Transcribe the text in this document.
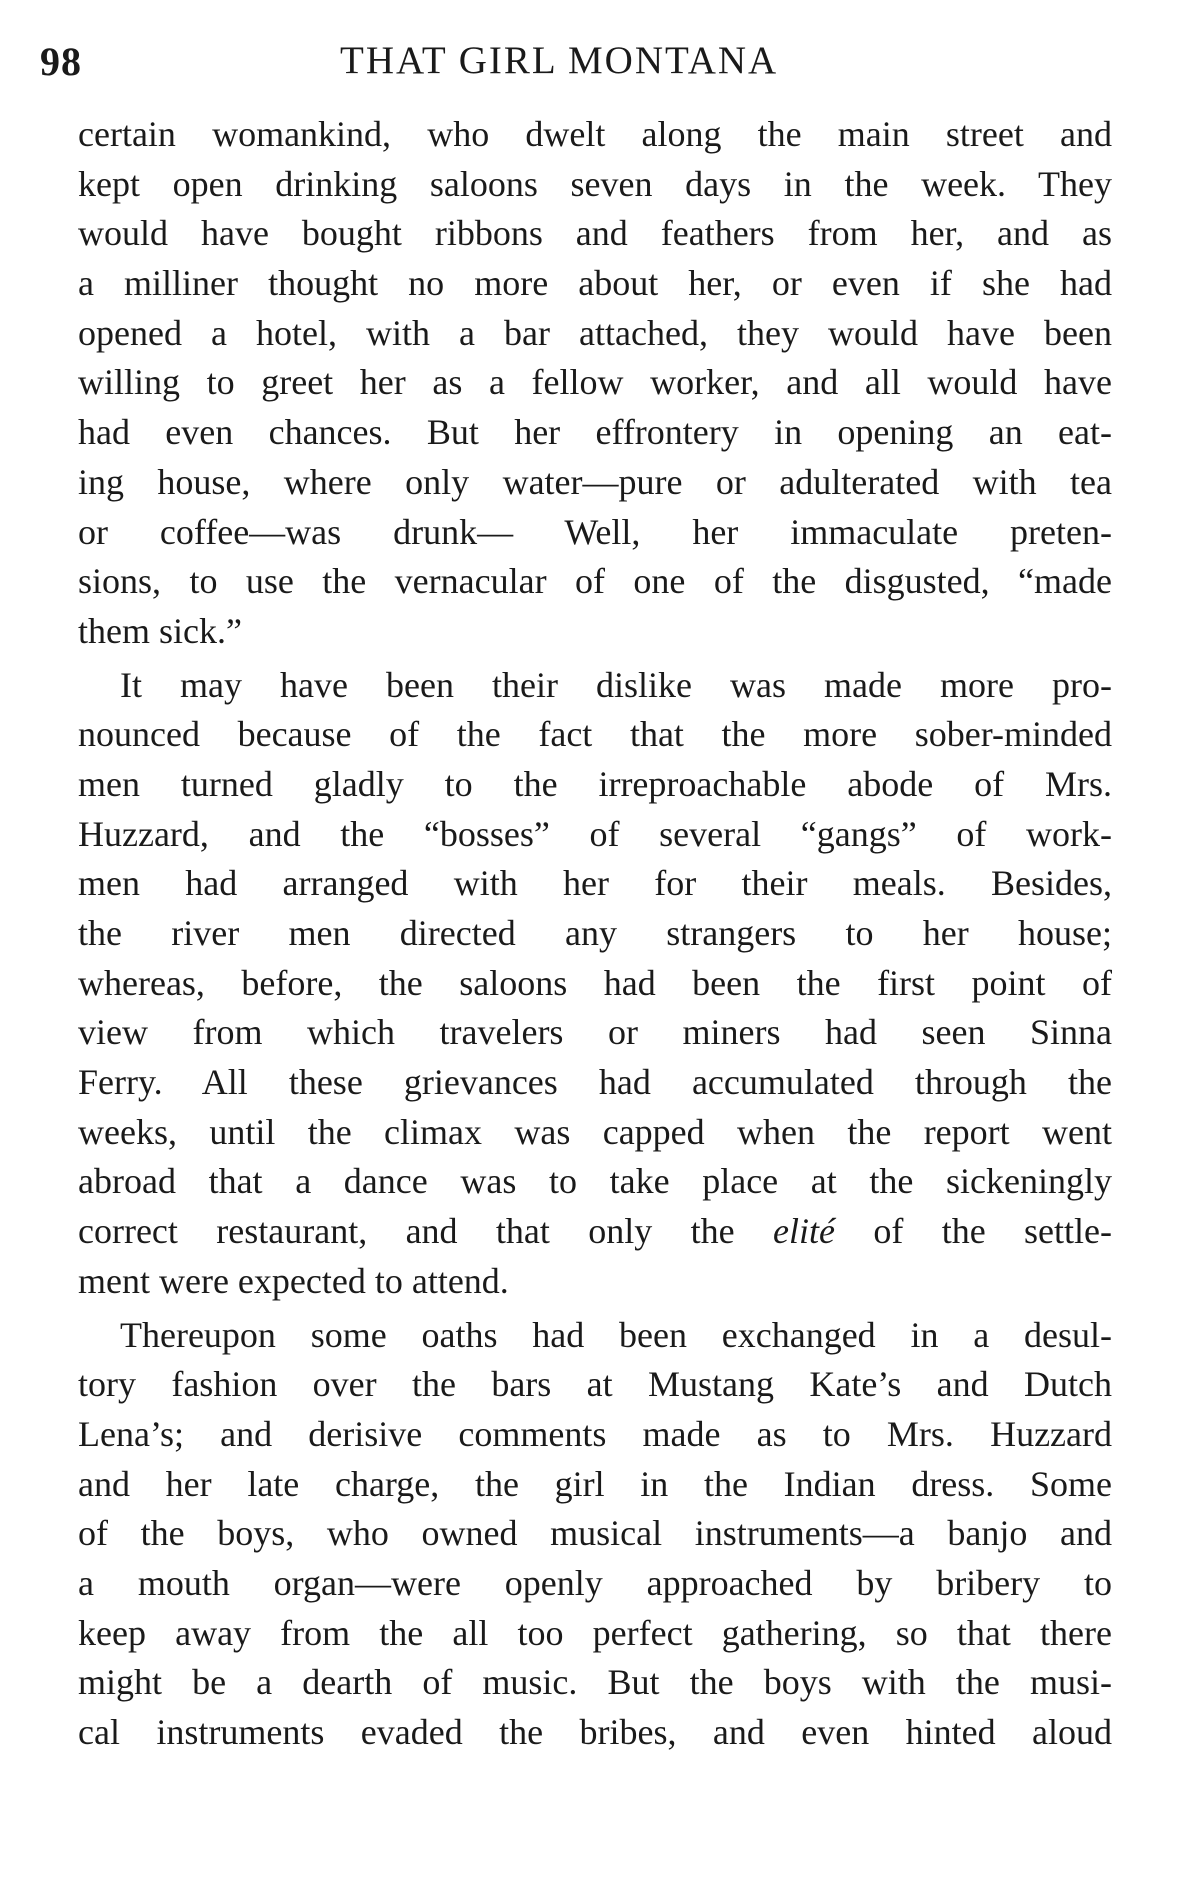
98	THAT GIRL MONTANA
certain womankind, who dwelt along the main street and
kept open drinking saloons seven days in the week. They
would have bought ribbons and feathers from her, and as
a milliner thought no more about her, or even if she had
opened a hotel, with a bar attached, they would have been
willing to greet her as a fellow worker, and all would have
had even chances. But her effrontery in opening an eat-
ing house, where only water—pure or adulterated with tea
or coffee—was drunk— Well, her immaculate preten-
sions, to use the vernacular of one of the disgusted, “made
them sick.”
It may have been their dislike was made more pro-
nounced because of the fact that the more sober-minded
men turned gladly to the irreproachable abode of Mrs.
Huzzard, and the “bosses” of several “gangs” of work-
men had arranged with her for their meals. Besides,
the river men directed any strangers to her house;
whereas, before, the saloons had been the first point of
view from which travelers or miners had seen Sinna
Ferry. All these grievances had accumulated through the
weeks, until the climax was capped when the report went
abroad that a dance was to take place at the sickeningly
correct restaurant, and that only the elité of the settle-
ment were expected to attend.
Thereupon some oaths had been exchanged in a desul-
tory fashion over the bars at Mustang Kate’s and Dutch
Lena’s; and derisive comments made as to Mrs. Huzzard
and her late charge, the girl in the Indian dress. Some
of the boys, who owned musical instruments—a banjo and
a mouth organ—were openly approached by bribery to
keep away from the all too perfect gathering, so that there
might be a dearth of music. But the boys with the musi-
cal instruments evaded the bribes, and even hinted aloud
